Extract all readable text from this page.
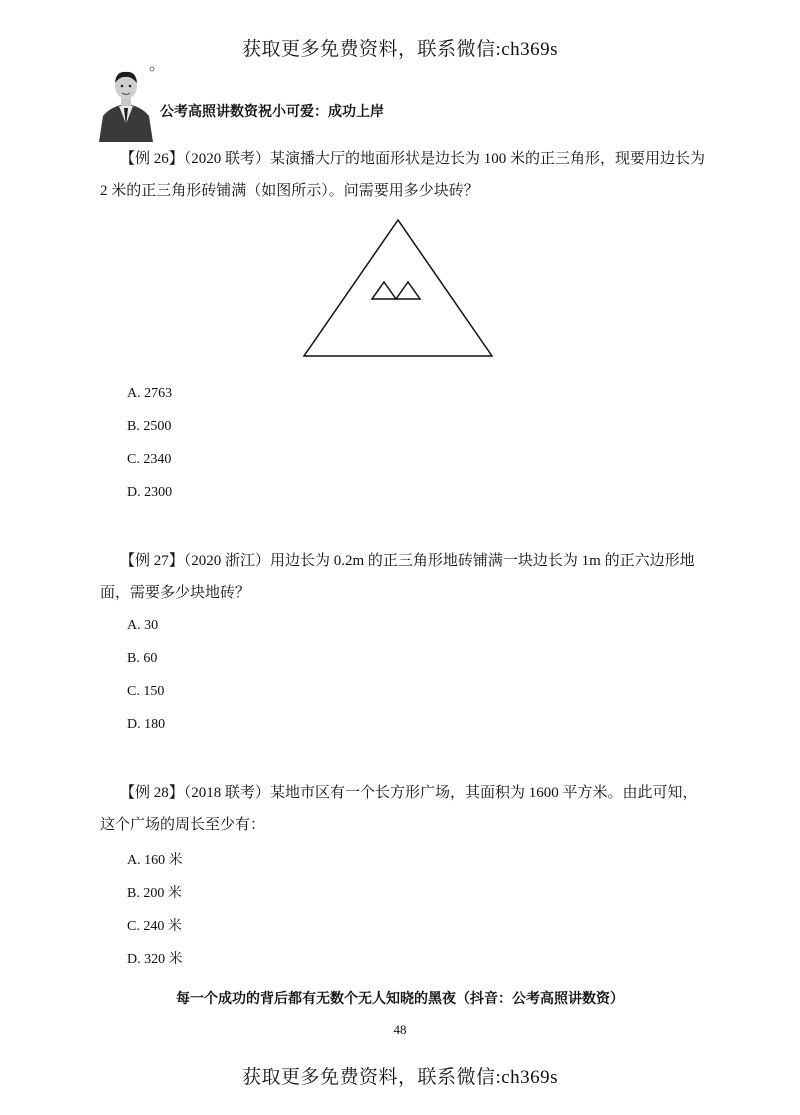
获取更多免费资料，联系微信:ch369s
公考高照讲数资祝小可爱：成功上岸
【例 26】（2020 联考）某演播大厅的地面形状是边长为 100 米的正三角形，现要用边长为
2 米的正三角形砖铺满（如图所示）。问需要用多少块砖？
A. 2763
B. 2500
C. 2340
D. 2300
【例 27】（2020 浙江）用边长为 0.2m 的正三角形地砖铺满一块边长为 1m 的正六边形地
面，需要多少块地砖？
A. 30
B. 60
C. 150
D. 180
【例 28】（2018 联考）某地市区有一个长方形广场，其面积为 1600 平方米。由此可知，
这个广场的周长至少有：
A. 160 米
B. 200 米
C. 240 米
D. 320 米
每一个成功的背后都有无数个无人知晓的黑夜（抖音：公考高照讲数资）
48
获取更多免费资料，联系微信:ch369s
